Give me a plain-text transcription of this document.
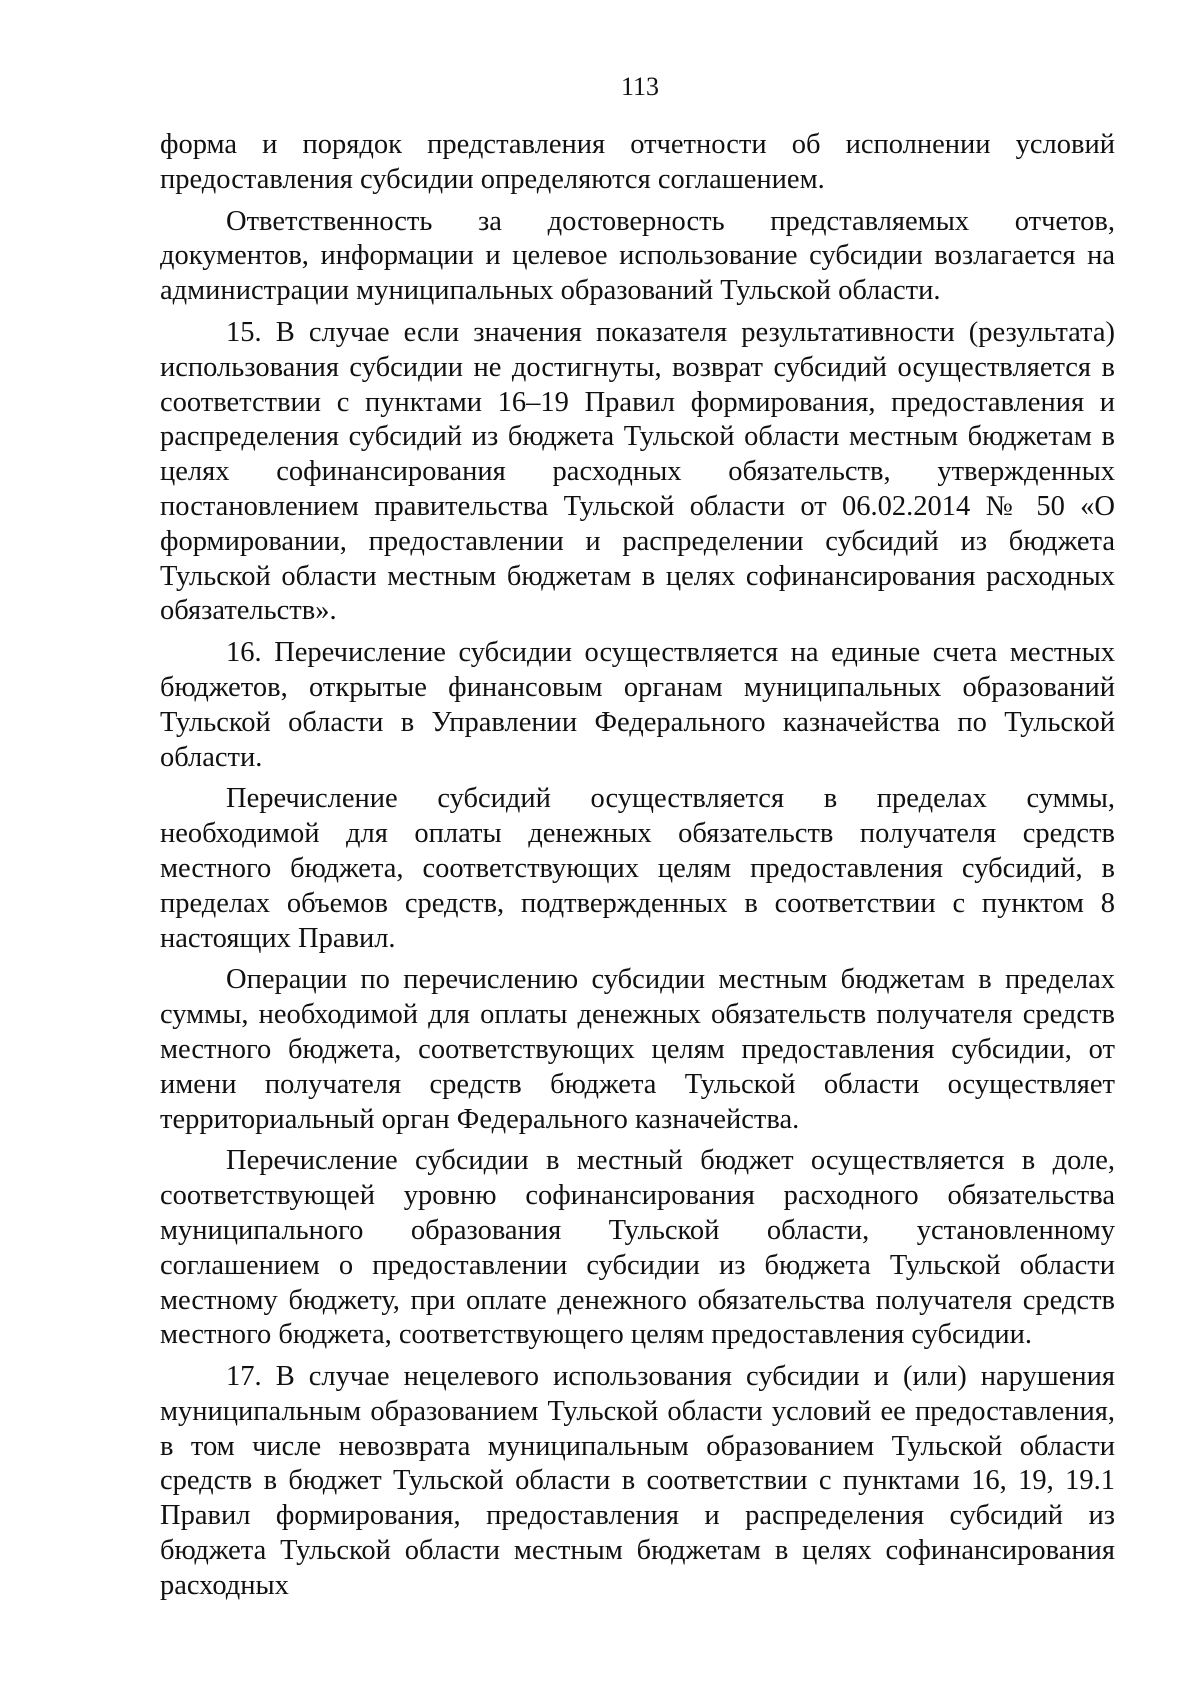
113

форма и порядок представления отчетности об исполнении условий предоставления субсидии определяются соглашением.

Ответственность за достоверность представляемых отчетов, документов, информации и целевое использование субсидии возлагается на администрации муниципальных образований Тульской области.

15. В случае если значения показателя результативности (результата) использования субсидии не достигнуты, возврат субсидий осуществляется в соответствии с пунктами 16–19 Правил формирования, предоставления и распределения субсидий из бюджета Тульской области местным бюджетам в целях софинансирования расходных обязательств, утвержденных постановлением правительства Тульской области от 06.02.2014 № 50 «О формировании, предоставлении и распределении субсидий из бюджета Тульской области местным бюджетам в целях софинансирования расходных обязательств».

16. Перечисление субсидии осуществляется на единые счета местных бюджетов, открытые финансовым органам муниципальных образований Тульской области в Управлении Федерального казначейства по Тульской области.

Перечисление субсидий осуществляется в пределах суммы, необходимой для оплаты денежных обязательств получателя средств местного бюджета, соответствующих целям предоставления субсидий, в пределах объемов средств, подтвержденных в соответствии с пунктом 8 настоящих Правил.

Операции по перечислению субсидии местным бюджетам в пределах суммы, необходимой для оплаты денежных обязательств получателя средств местного бюджета, соответствующих целям предоставления субсидии, от имени получателя средств бюджета Тульской области осуществляет территориальный орган Федерального казначейства.

Перечисление субсидии в местный бюджет осуществляется в доле, соответствующей уровню софинансирования расходного обязательства муниципального образования Тульской области, установленному соглашением о предоставлении субсидии из бюджета Тульской области местному бюджету, при оплате денежного обязательства получателя средств местного бюджета, соответствующего целям предоставления субсидии.

17. В случае нецелевого использования субсидии и (или) нарушения муниципальным образованием Тульской области условий ее предоставления, в том числе невозврата муниципальным образованием Тульской области средств в бюджет Тульской области в соответствии с пунктами 16, 19, 19.1 Правил формирования, предоставления и распределения субсидий из бюджета Тульской области местным бюджетам в целях софинансирования расходных
